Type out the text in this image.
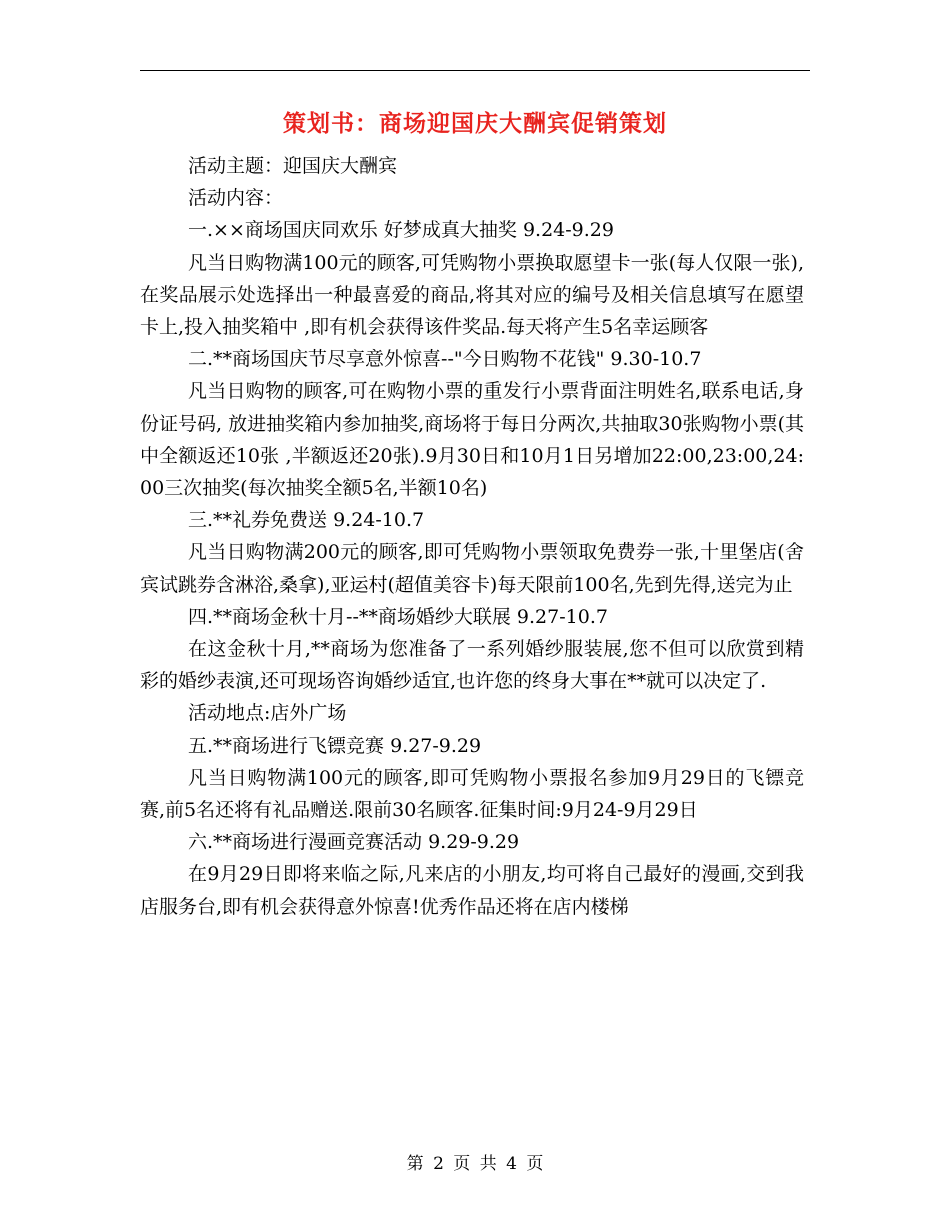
策划书：商场迎国庆大酬宾促销策划

活动主题：迎国庆大酬宾

活动内容：

一.××商场国庆同欢乐 好梦成真大抽奖 9.24-9.29

凡当日购物满100元的顾客,可凭购物小票换取愿望卡一张(每人仅限一张),在奖品展示处选择出一种最喜爱的商品,将其对应的编号及相关信息填写在愿望卡上,投入抽奖箱中 ,即有机会获得该件奖品.每天将产生5名幸运顾客

二.**商场国庆节尽享意外惊喜--"今日购物不花钱" 9.30-10.7

凡当日购物的顾客,可在购物小票的重发行小票背面注明姓名,联系电话,身份证号码, 放进抽奖箱内参加抽奖,商场将于每日分两次,共抽取30张购物小票(其中全额返还10张 ,半额返还20张).9月30日和10月1日另增加22:00,23:00,24:00三次抽奖(每次抽奖全额5名,半额10名)

三.**礼券免费送 9.24-10.7

凡当日购物满200元的顾客,即可凭购物小票领取免费券一张,十里堡店(舍宾试跳券含淋浴,桑拿),亚运村(超值美容卡)每天限前100名,先到先得,送完为止

四.**商场金秋十月--**商场婚纱大联展 9.27-10.7

在这金秋十月,**商场为您准备了一系列婚纱服装展,您不但可以欣赏到精彩的婚纱表演,还可现场咨询婚纱适宜,也许您的终身大事在**就可以决定了.

活动地点:店外广场

五.**商场进行飞镖竞赛 9.27-9.29

凡当日购物满100元的顾客,即可凭购物小票报名参加9月29日的飞镖竞赛,前5名还将有礼品赠送.限前30名顾客.征集时间:9月24-9月29日

六.**商场进行漫画竞赛活动 9.29-9.29

在9月29日即将来临之际,凡来店的小朋友,均可将自己最好的漫画,交到我店服务台,即有机会获得意外惊喜!优秀作品还将在店内楼梯

第 2 页 共 4 页
